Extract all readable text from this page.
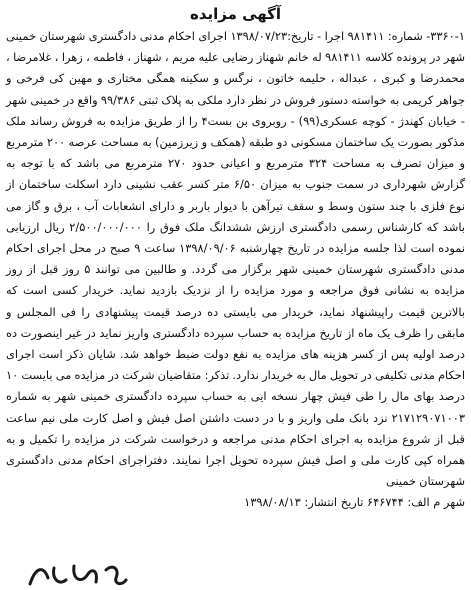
آگهی مزایده

۳۳۶۰-۱- شماره: ۹۸۱۴۱۱ اجرا - تاریخ:۱۳۹۸/۰۷/۲۳ اجرای احکام مدنی دادگستری شهرستان خمینی شهر در پرونده کلاسه ۹۸۱۴۱۱ له خانم شهناز رضایی علیه مریم ، شهناز ، فاطمه ، زهرا ، غلامرضا ، محمدرضا و کبری ، عبداله ، حلیمه خاتون ، نرگس و سکینه همگی مختاری و مهین کی فرخی و جواهر کریمی به خواسته دستور فروش در نظر دارد ملکی به پلاک ثبتی ۹۹/۳۸۶ واقع در خمینی شهر - خیابان کهندژ - کوچه عسکری(۹۹) - روبروی بن بست۴ را از طریق مزایده به فروش رساند ملک مذکور بصورت یک ساختمان مسکونی دو طبقه (همکف و زیرزمین) به مساحت عرصه ۲۰۰ مترمربع و میزان تصرف به مساحت ۳۲۴ مترمربع و اعیانی حدود ۲۷۰ مترمربع می باشد که با توجه به گزارش شهرداری در سمت جنوب به میزان ۶/۵۰ متر کسر عقب نشینی دارد اسکلت ساختمان از نوع فلزی با چند ستون وسط و سقف تیرآهن با دیوار باربر و دارای انشعابات آب ، برق و گاز می باشد که کارشناس رسمی دادگستری ارزش ششدانگ ملک فوق را ۲/۵۰۰/۰۰۰/۰۰۰ ریال ارزیابی نموده است لذا جلسه مزایده در تاریخ چهارشنبه ۱۳۹۸/۰۹/۰۶ ساعت ۹ صبح در محل اجرای احکام مدنی دادگستری شهرستان خمینی شهر برگزار می گردد. و طالبین می توانند ۵ روز قبل از روز مزایده به نشانی فوق مراجعه و مورد مزایده را از نزدیک بازدید نماید. خریدار کسی است که بالاترین قیمت راپیشنهاد نماید، خریدار می بایستی ده درصد قیمت پیشنهادی را فی المجلس و مابقی را ظرف یک ماه از تاریخ مزایده به حساب سپرده دادگستری واریز نماید در غیر اینصورت ده درصد اولیه پس از کسر هزینه های مزایده به نفع دولت ضبط خواهد شد. شایان ذکر است اجرای احکام مدنی تکلیفی در تحویل مال به خریدار ندارد. تذکر: متقاضیان شرکت در مزایده می بایست ۱۰ درصد بهای مال را طی فیش چهار نسخه ایی به حساب سپرده دادگستری خمینی شهر به شماره ۲۱۷۱۲۹۰۷۱۰۰۳ نزد بانک ملی واریز و با در دست داشتن اصل فیش و اصل کارت ملی نیم ساعت قبل از شروع مزایده به اجرای احکام مدنی مراجعه و درخواست شرکت در مزایده را تکمیل و به همراه کپی کارت ملی و اصل فیش سپرده تحویل اجرا نمایند. دفتراجرای احکام مدنی دادگستری شهرستان خمینی

شهر م الف: ۶۴۶۷۴۴ تاریخ انتشار: ۱۳۹۸/۰۸/۱۳
